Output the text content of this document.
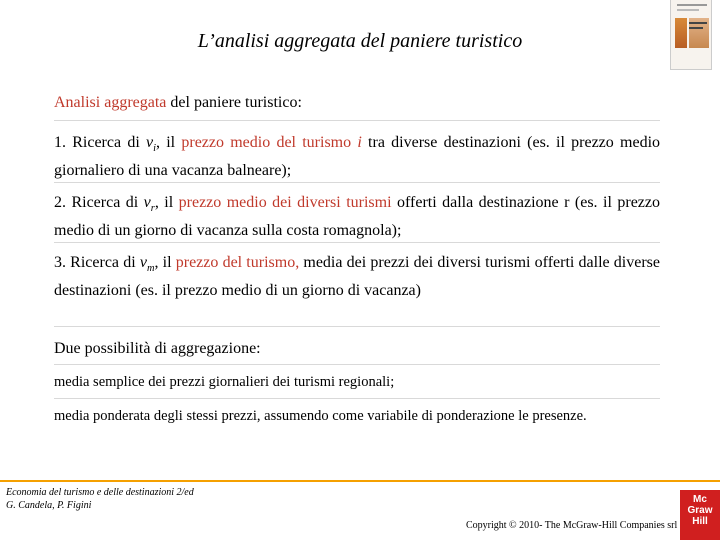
L’analisi aggregata del paniere turistico
Analisi aggregata del paniere turistico:
1. Ricerca di $v_i$, il prezzo medio del turismo i tra diverse destinazioni (es. il prezzo medio giornaliero di una vacanza balneare);
2. Ricerca di $v_r$, il prezzo medio dei diversi turismi offerti dalla destinazione r (es. il prezzo medio di un giorno di vacanza sulla costa romagnola);
3. Ricerca di $v_m$, il prezzo del turismo, media dei prezzi dei diversi turismi offerti dalle diverse destinazioni (es. il prezzo medio di un giorno di vacanza)
Due possibilità di aggregazione:
media semplice dei prezzi giornalieri dei turismi regionali;
media ponderata degli stessi prezzi, assumendo come variabile di ponderazione le presenze.
Economia del turismo e delle destinazioni 2/ed
G. Candela, P. Figini
Copyright © 2010- The McGraw-Hill Companies srl
Mc
Graw
Hill
